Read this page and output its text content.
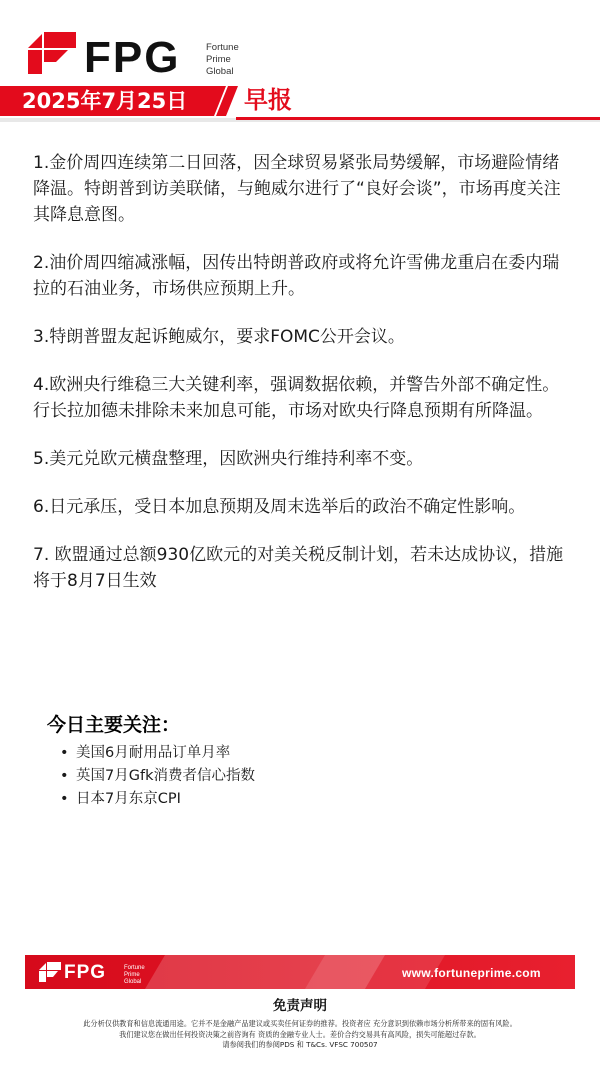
FPG	Fortune
Prime
Global
2025年7月25日 早报

1.金价周四连续第二日回落，因全球贸易紧张局势缓解，市场避险情绪降温。特朗普到访美联储，与鲍威尔进行了“良好会谈”，市场再度关注其降息意图。

2.油价周四缩减涨幅，因传出特朗普政府或将允许雪佛龙重启在委内瑞拉的石油业务，市场供应预期上升。

3.特朗普盟友起诉鲍威尔，要求FOMC公开会议。

4.欧洲央行维稳三大关键利率，强调数据依赖，并警告外部不确定性。行长拉加德未排除未来加息可能，市场对欧央行降息预期有所降温。

5.美元兑欧元横盘整理，因欧洲央行维持利率不变。

6.日元承压，受日本加息预期及周末选举后的政治不确定性影响。

7. 欧盟通过总额930亿欧元的对美关税反制计划，若未达成协议，措施将于8月7日生效

今日主要关注：
• 美国6月耐用品订单月率
• 英国7月Gfk消费者信心指数
• 日本7月东京CPI
FPG	Fortune
Prime
Global
www.fortuneprime.com
免责声明
此分析仅供教育和信息流通用途。它并不是金融产品建议或买卖任何证券的推荐。投资者应 充分意识到依赖市场分析所带来的固有风险。
我们建议您在做出任何投资决策之前咨询有 资质的金融专业人士。差价合约交易具有高风险，损失可能超过存款。
请参阅我们的参阅PDS 和 T&Cs. VFSC 700507
